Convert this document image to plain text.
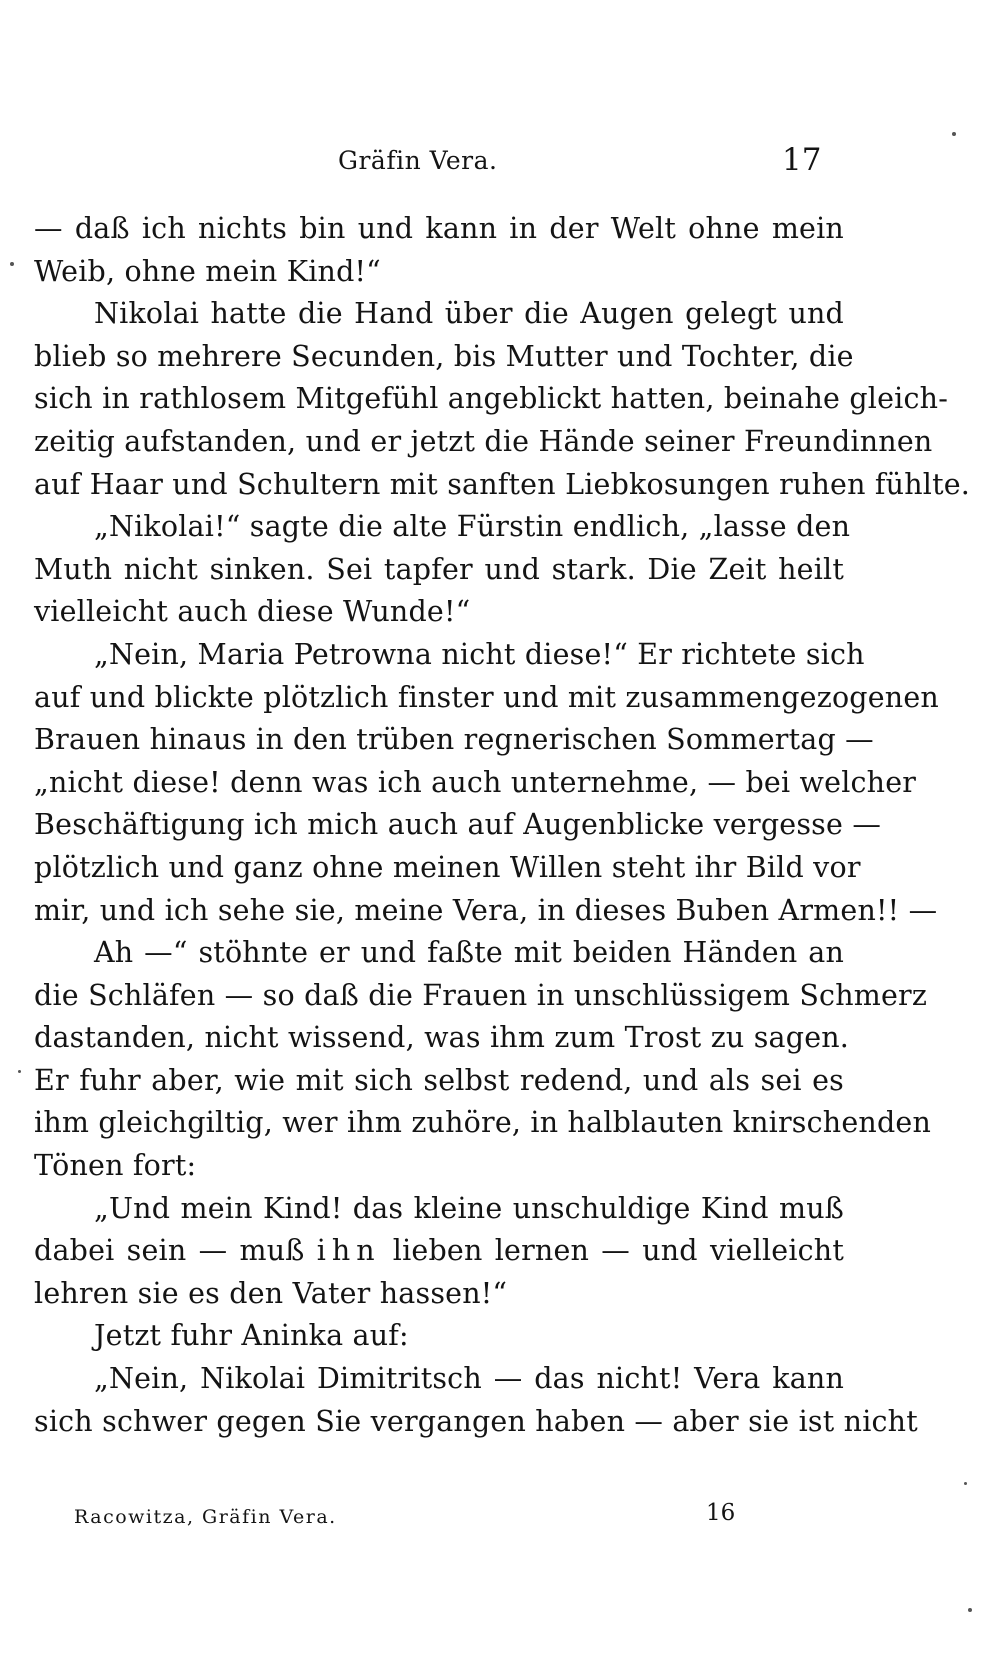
Gräfin Vera.	17
— daß ich nichts bin und kann in der Welt ohne mein
Weib, ohne mein Kind!“
Nikolai hatte die Hand über die Augen gelegt und
blieb so mehrere Secunden, bis Mutter und Tochter, die
sich in rathlosem Mitgefühl angeblickt hatten, beinahe gleich-
zeitig aufstanden, und er jetzt die Hände seiner Freundinnen
auf Haar und Schultern mit sanften Liebkosungen ruhen fühlte.
„Nikolai!“ sagte die alte Fürstin endlich, „lasse den
Muth nicht sinken. Sei tapfer und stark. Die Zeit heilt
vielleicht auch diese Wunde!“
„Nein, Maria Petrowna nicht diese!“ Er richtete sich
auf und blickte plötzlich finster und mit zusammengezogenen
Brauen hinaus in den trüben regnerischen Sommertag —
„nicht diese! denn was ich auch unternehme, — bei welcher
Beschäftigung ich mich auch auf Augenblicke vergesse —
plötzlich und ganz ohne meinen Willen steht ihr Bild vor
mir, und ich sehe sie, meine Vera, in dieses Buben Armen!! —
Ah —“ stöhnte er und faßte mit beiden Händen an
die Schläfen — so daß die Frauen in unschlüssigem Schmerz
dastanden, nicht wissend, was ihm zum Trost zu sagen.
Er fuhr aber, wie mit sich selbst redend, und als sei es
ihm gleichgiltig, wer ihm zuhöre, in halblauten knirschenden
Tönen fort:
„Und mein Kind! das kleine unschuldige Kind muß
dabei sein — muß ihn lieben lernen — und vielleicht
lehren sie es den Vater hassen!“
Jetzt fuhr Aninka auf:
„Nein, Nikolai Dimitritsch — das nicht! Vera kann
sich schwer gegen Sie vergangen haben — aber sie ist nicht
Racowitza, Gräfin Vera.	16
